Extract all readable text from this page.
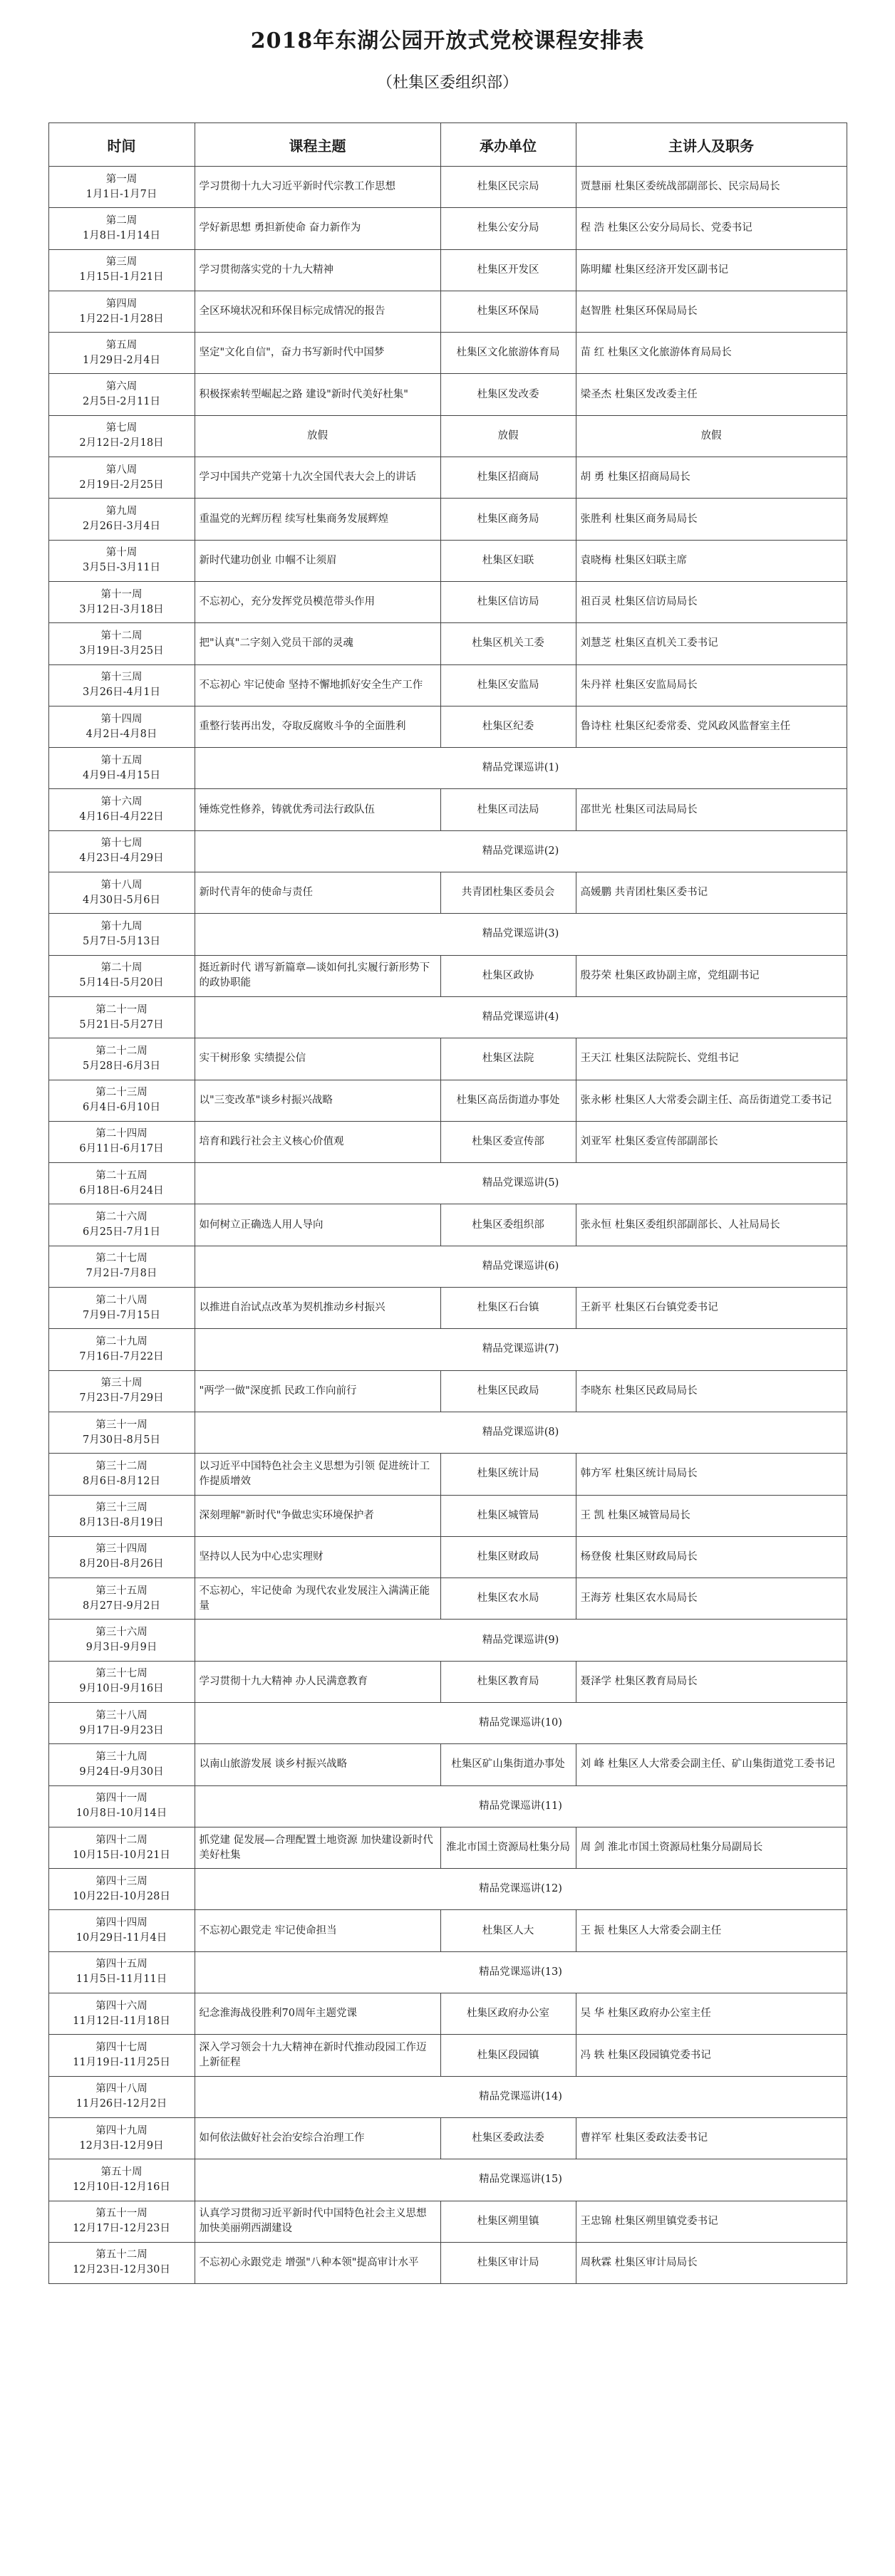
2018年东湖公园开放式党校课程安排表

（杜集区委组织部）

时间	课程主题	承办单位	主讲人及职务

第一周
1月1日-1月7日	学习贯彻十九大习近平新时代宗教工作思想	杜集区民宗局	贾慧丽 杜集区委统战部副部长、民宗局局长

第二周
1月8日-1月14日	学好新思想 勇担新使命 奋力新作为	杜集公安分局	程 浩 杜集区公安分局局长、党委书记

第三周
1月15日-1月21日	学习贯彻落实党的十九大精神	杜集区开发区	陈明耀 杜集区经济开发区副书记

第四周
1月22日-1月28日	全区环境状况和环保目标完成情况的报告	杜集区环保局	赵智胜 杜集区环保局局长

第五周
1月29日-2月4日	坚定"文化自信"，奋力书写新时代中国梦	杜集区文化旅游体育局	苗 红 杜集区文化旅游体育局局长

第六周
2月5日-2月11日	积极探索转型崛起之路 建设"新时代美好杜集"	杜集区发改委	梁圣杰 杜集区发改委主任

第七周
2月12日-2月18日	放假	放假	放假

第八周
2月19日-2月25日	学习中国共产党第十九次全国代表大会上的讲话	杜集区招商局	胡 勇 杜集区招商局局长

第九周
2月26日-3月4日	重温党的光辉历程 续写杜集商务发展辉煌	杜集区商务局	张胜利 杜集区商务局局长

第十周
3月5日-3月11日	新时代建功创业 巾帼不让须眉	杜集区妇联	袁晓梅 杜集区妇联主席

第十一周
3月12日-3月18日	不忘初心，充分发挥党员模范带头作用	杜集区信访局	祖百灵 杜集区信访局局长

第十二周
3月19日-3月25日	把"认真"二字刻入党员干部的灵魂	杜集区机关工委	刘慧芝 杜集区直机关工委书记

第十三周
3月26日-4月1日	不忘初心 牢记使命 坚持不懈地抓好安全生产工作	杜集区安监局	朱丹祥 杜集区安监局局长

第十四周
4月2日-4月8日	重整行装再出发，夺取反腐败斗争的全面胜利	杜集区纪委	鲁诗柱 杜集区纪委常委、党风政风监督室主任

第十五周
4月9日-4月15日	精品党课巡讲(1)		

第十六周
4月16日-4月22日	锤炼党性修养，铸就优秀司法行政队伍	杜集区司法局	邵世光 杜集区司法局局长

第十七周
4月23日-4月29日	精品党课巡讲(2)		

第十八周
4月30日-5月6日	新时代青年的使命与责任	共青团杜集区委员会	高媛鹏 共青团杜集区委书记

第十九周
5月7日-5月13日	精品党课巡讲(3)		

第二十周
5月14日-5月20日	挺近新时代 谱写新篇章—谈如何扎实履行新形势下的政协职能	杜集区政协	殷芬荣 杜集区政协副主席，党组副书记

第二十一周
5月21日-5月27日	精品党课巡讲(4)		

第二十二周
5月28日-6月3日	实干树形象 实绩提公信	杜集区法院	王天江 杜集区法院院长、党组书记

第二十三周
6月4日-6月10日	以"三变改革"谈乡村振兴战略	杜集区高岳街道办事处	张永彬 杜集区人大常委会副主任、高岳街道党工委书记

第二十四周
6月11日-6月17日	培育和践行社会主义核心价值观	杜集区委宣传部	刘亚军 杜集区委宣传部副部长

第二十五周
6月18日-6月24日	精品党课巡讲(5)		

第二十六周
6月25日-7月1日	如何树立正确选人用人导向	杜集区委组织部	张永恒 杜集区委组织部副部长、人社局局长

第二十七周
7月2日-7月8日	精品党课巡讲(6)		

第二十八周
7月9日-7月15日	以推进自治试点改革为契机推动乡村振兴	杜集区石台镇	王新平 杜集区石台镇党委书记

第二十九周
7月16日-7月22日	精品党课巡讲(7)		

第三十周
7月23日-7月29日	"两学一做"深度抓 民政工作向前行	杜集区民政局	李晓东 杜集区民政局局长

第三十一周
7月30日-8月5日	精品党课巡讲(8)		

第三十二周
8月6日-8月12日	以习近平中国特色社会主义思想为引领 促进统计工作提质增效	杜集区统计局	韩方军 杜集区统计局局长

第三十三周
8月13日-8月19日	深刻理解"新时代"争做忠实环境保护者	杜集区城管局	王 凯 杜集区城管局局长

第三十四周
8月20日-8月26日	坚持以人民为中心忠实理财	杜集区财政局	杨登俊 杜集区财政局局长

第三十五周
8月27日-9月2日	不忘初心，牢记使命 为现代农业发展注入满满正能量	杜集区农水局	王海芳 杜集区农水局局长

第三十六周
9月3日-9月9日	精品党课巡讲(9)		

第三十七周
9月10日-9月16日	学习贯彻十九大精神 办人民满意教育	杜集区教育局	聂泽学 杜集区教育局局长

第三十八周
9月17日-9月23日	精品党课巡讲(10)		

第三十九周
9月24日-9月30日	以南山旅游发展 谈乡村振兴战略	杜集区矿山集街道办事处	刘 峰 杜集区人大常委会副主任、矿山集街道党工委书记

第四十一周
10月8日-10月14日	精品党课巡讲(11)		

第四十二周
10月15日-10月21日	抓党建 促发展—合理配置土地资源 加快建设新时代美好杜集	淮北市国土资源局杜集分局	周 剑 淮北市国土资源局杜集分局副局长

第四十三周
10月22日-10月28日	精品党课巡讲(12)		

第四十四周
10月29日-11月4日	不忘初心跟党走 牢记使命担当	杜集区人大	王 振 杜集区人大常委会副主任

第四十五周
11月5日-11月11日	精品党课巡讲(13)		

第四十六周
11月12日-11月18日	纪念淮海战役胜利70周年主题党课	杜集区政府办公室	吴 华 杜集区政府办公室主任

第四十七周
11月19日-11月25日	深入学习领会十九大精神在新时代推动段园工作迈上新征程	杜集区段园镇	冯 轶 杜集区段园镇党委书记

第四十八周
11月26日-12月2日	精品党课巡讲(14)		

第四十九周
12月3日-12月9日	如何依法做好社会治安综合治理工作	杜集区委政法委	曹祥军 杜集区委政法委书记

第五十周
12月10日-12月16日	精品党课巡讲(15)		

第五十一周
12月17日-12月23日	认真学习贯彻习近平新时代中国特色社会主义思想 加快美丽朔西湖建设	杜集区朔里镇	王忠锦 杜集区朔里镇党委书记

第五十二周
12月23日-12月30日	不忘初心永跟党走 增强"八种本领"提高审计水平	杜集区审计局	周秋霖 杜集区审计局局长
